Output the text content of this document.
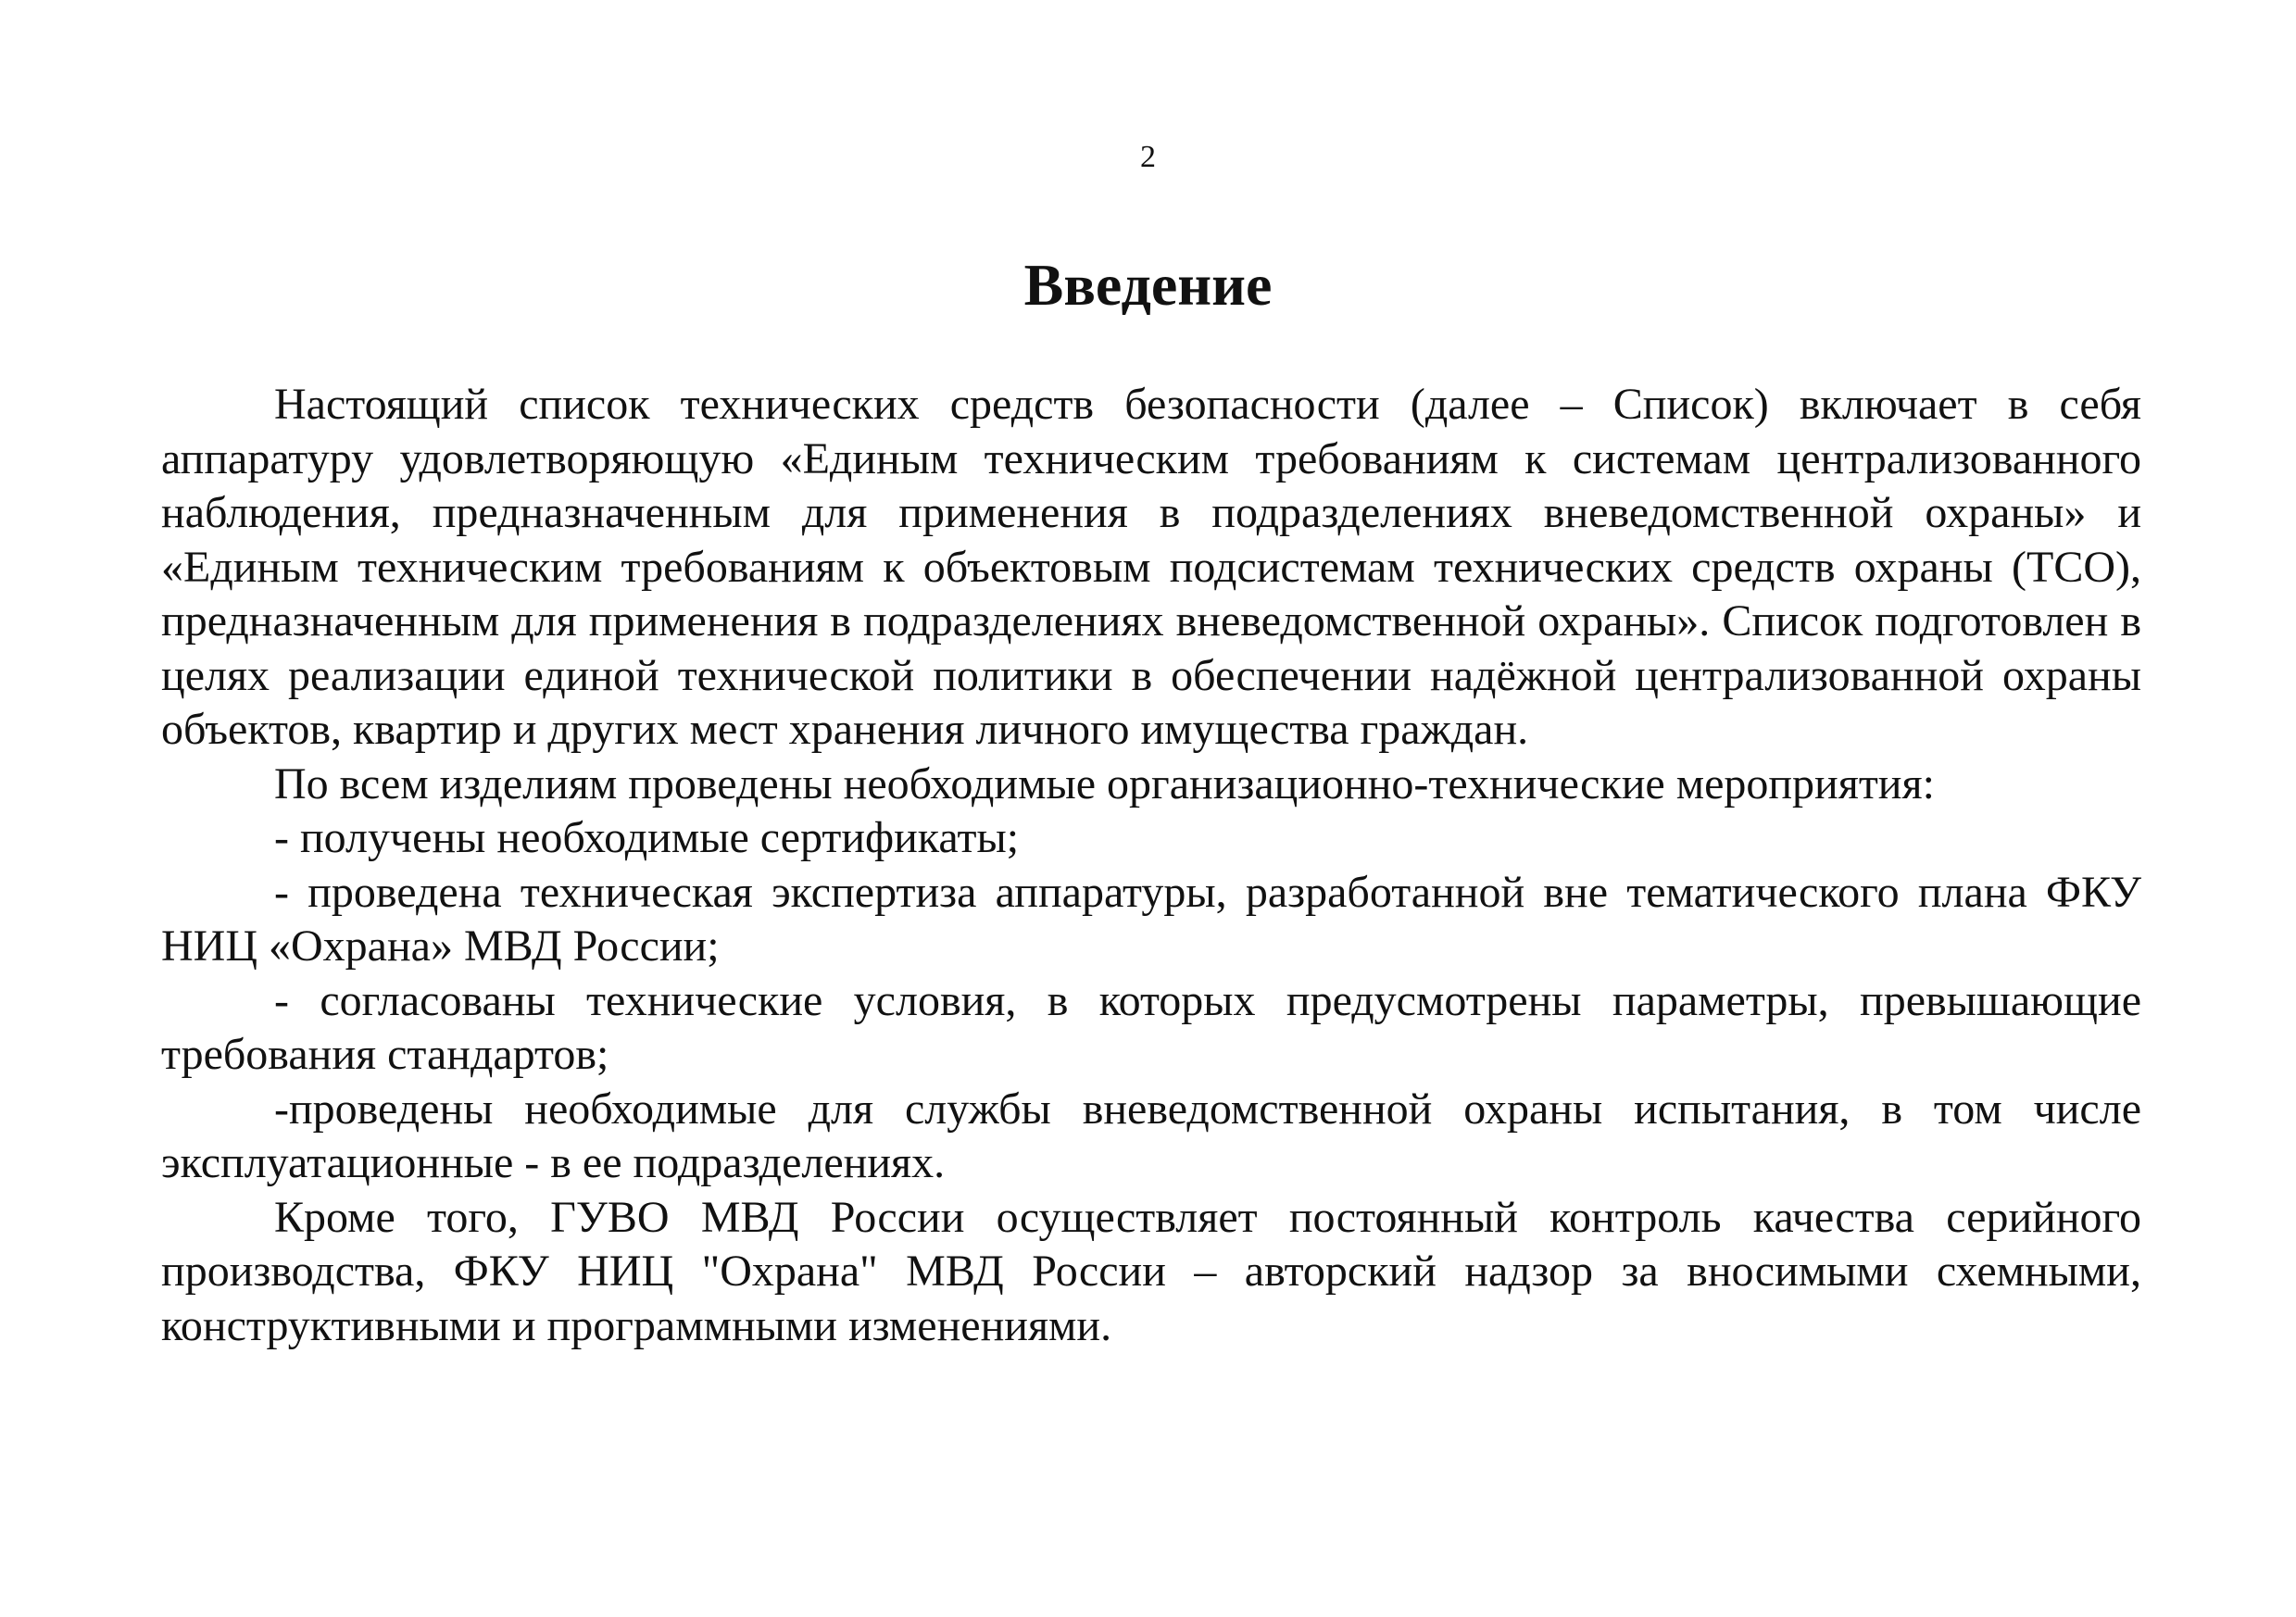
2
Введение

Настоящий список технических средств безопасности (далее – Список) включает в себя аппаратуру удовлетворяющую «Единым техническим требованиям к системам централизованного наблюдения, предназначенным для применения в подразделениях вневедомственной охраны» и «Единым техническим требованиям к объектовым подсистемам технических средств охраны (ТСО), предназначенным для применения в подразделениях вневедомственной охраны». Список подготовлен в целях реализации единой технической политики в обеспечении надёжной централизованной охраны объектов, квартир и других мест хранения личного имущества граждан.

По всем изделиям проведены необходимые организационно-технические мероприятия:

- получены необходимые сертификаты;

- проведена техническая экспертиза аппаратуры, разработанной вне тематического плана ФКУ НИЦ «Охрана» МВД России;

- согласованы технические условия, в которых предусмотрены параметры, превышающие требования стандартов;

-проведены необходимые для службы вневедомственной охраны испытания, в том числе эксплуатационные - в ее подразделениях.

Кроме того, ГУВО МВД России осуществляет постоянный контроль качества серийного производства, ФКУ НИЦ "Охрана" МВД России – авторский надзор за вносимыми схемными, конструктивными и программными изменениями.
